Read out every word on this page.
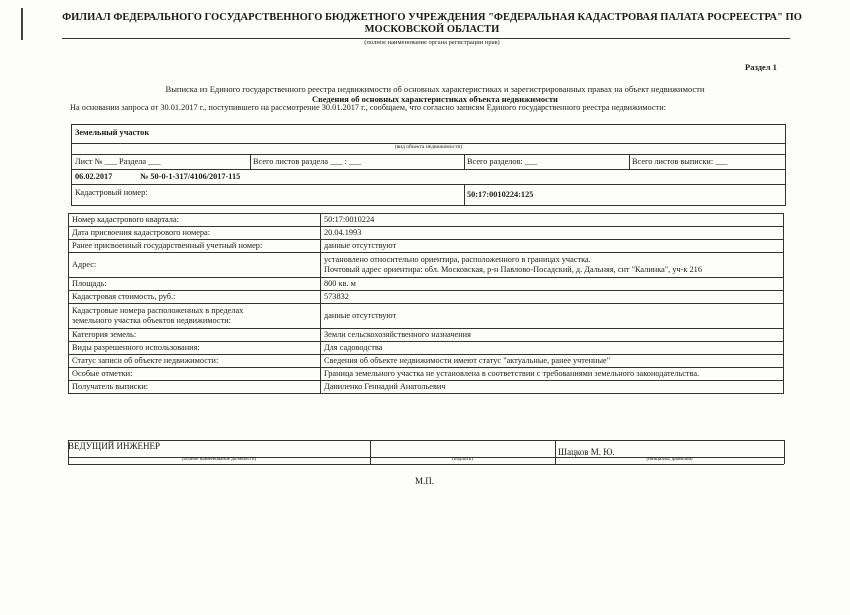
ФИЛИАЛ ФЕДЕРАЛЬНОГО ГОСУДАРСТВЕННОГО БЮДЖЕТНОГО УЧРЕЖДЕНИЯ "ФЕДЕРАЛЬНАЯ КАДАСТРОВАЯ ПАЛАТА РОСРЕЕСТРА" ПО МОСКОВСКОЙ ОБЛАСТИ
(полное наименование органа регистрации прав)
Раздел 1
Выписка из Единого государственного реестра недвижимости об основных характеристиках и зарегистрированных правах на объект недвижимости
Сведения об основных характеристиках объекта недвижимости
На основании запроса от 30.01.2017 г., поступившего на рассмотрение 30.01.2017 г., сообщаем, что согласно записям Единого государственного реестра недвижимости:
Земельный участок
(вид объекта недвижимости)
Лист № ___ Раздела ___	Всего листов раздела ___ : ___	Всего разделов: ___	Всего листов выписки: ___
06.02.2017	№ 50-0-1-317/4106/2017-115
Кадастровый номер:	50:17:0010224:125
Номер кадастрового квартала:	50:17:0010224
Дата присвоения кадастрового номера:	20.04.1993
Ранее присвоенный государственный учетный номер:	данные отсутствуют
Адрес:	установлено относительно ориентира, расположенного в границах участка.
Почтовый адрес ориентира: обл. Московская, р-н Павлово-Посадский, д. Дальняя, снт "Калинка", уч-к 216

Площадь:	800 кв. м
Кадастровая стоимость, руб.:	573832

Кадастровые номера расположенных в пределах
земельного участка объектов недвижимости:	данные отсутствуют
Категория земель:	Земли сельскохозяйственного назначения
Виды разрешенного использования:	Для садоводства
Статус записи об объекте недвижимости:	Сведения об объекте недвижимости имеют статус "актуальные, ранее учтенные"
Особые отметки:	Граница земельного участка не установлена в соответствии с требованиями земельного законодательства.
Получатель выписки:	Даниленко Геннадий Анатольевич
ВЕДУЩИЙ ИНЖЕНЕР
Шацков М. Ю.
(полное наименование должности)	(подпись)	(инициалы, фамилия)
М.П.
